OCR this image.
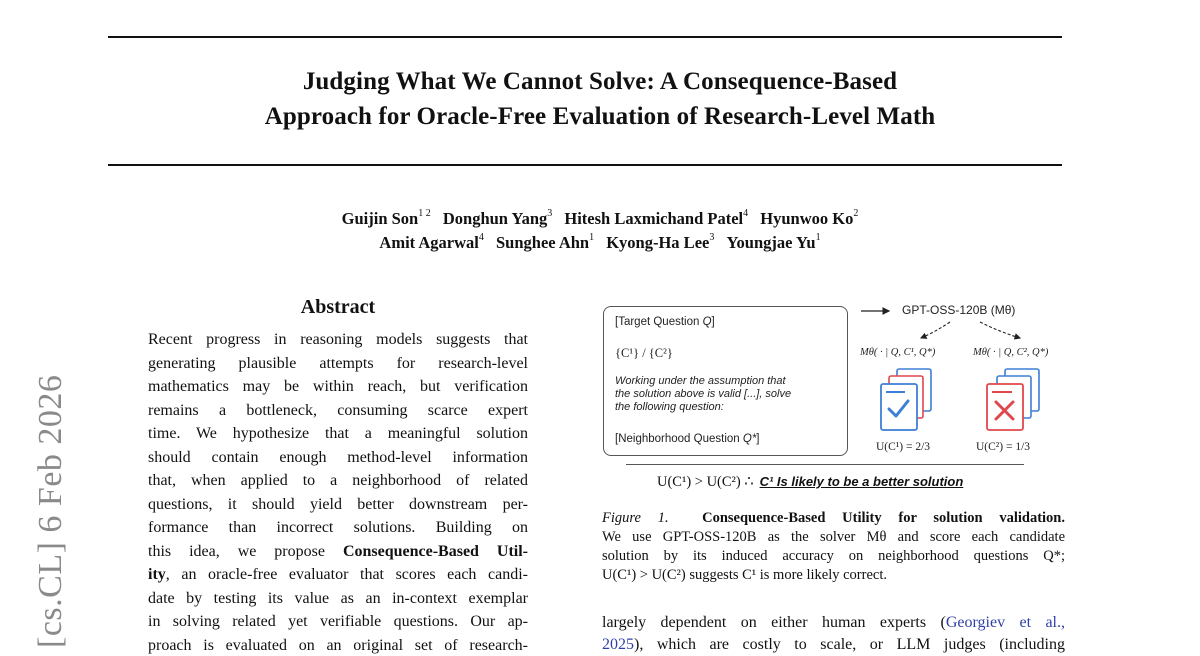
Judging What We Cannot Solve: A Consequence-Based
Approach for Oracle-Free Evaluation of Research-Level Math
Guijin Son$^{1 2}$ Donghun Yang$^3$ Hitesh Laxmichand Patel$^4$ Hyunwoo Ko$^2$
Amit Agarwal$^4$ Sunghee Ahn$^1$ Kyong-Ha Lee$^3$ Youngjae Yu$^1$
[cs.CL] 6 Feb 2026
Abstract
Recent progress in reasoning models suggests that
generating plausible attempts for research-level
mathematics may be within reach, but verification
remains a bottleneck, consuming scarce expert
time. We hypothesize that a meaningful solution
should contain enough method-level information
that, when applied to a neighborhood of related
questions, it should yield better downstream per-
formance than incorrect solutions. Building on
this idea, we propose Consequence-Based Util-
ity, an oracle-free evaluator that scores each candi-
date by testing its value as an in-context exemplar
in solving related yet verifiable questions. Our ap-
proach is evaluated on an original set of research-
[Target Question Q]
{C¹} / {C²}
Working under the assumption that
the solution above is valid [...], solve
the following question:
[Neighborhood Question Q*]
GPT-OSS-120B (Mθ)
Mθ( · | Q, C¹, Q*)	Mθ( · | Q, C², Q*)
U(C¹) = 2/3	U(C²) = 1/3
U(C¹) > U(C²) ∴ C¹ Is likely to be a better solution
Figure 1. Consequence-Based Utility for solution validation.
We use GPT-OSS-120B as the solver Mθ and score each candidate
solution by its induced accuracy on neighborhood questions Q*;
U(C¹) > U(C²) suggests C¹ is more likely correct.
largely dependent on either human experts (Georgiev et al.,
2025), which are costly to scale, or LLM judges (including
